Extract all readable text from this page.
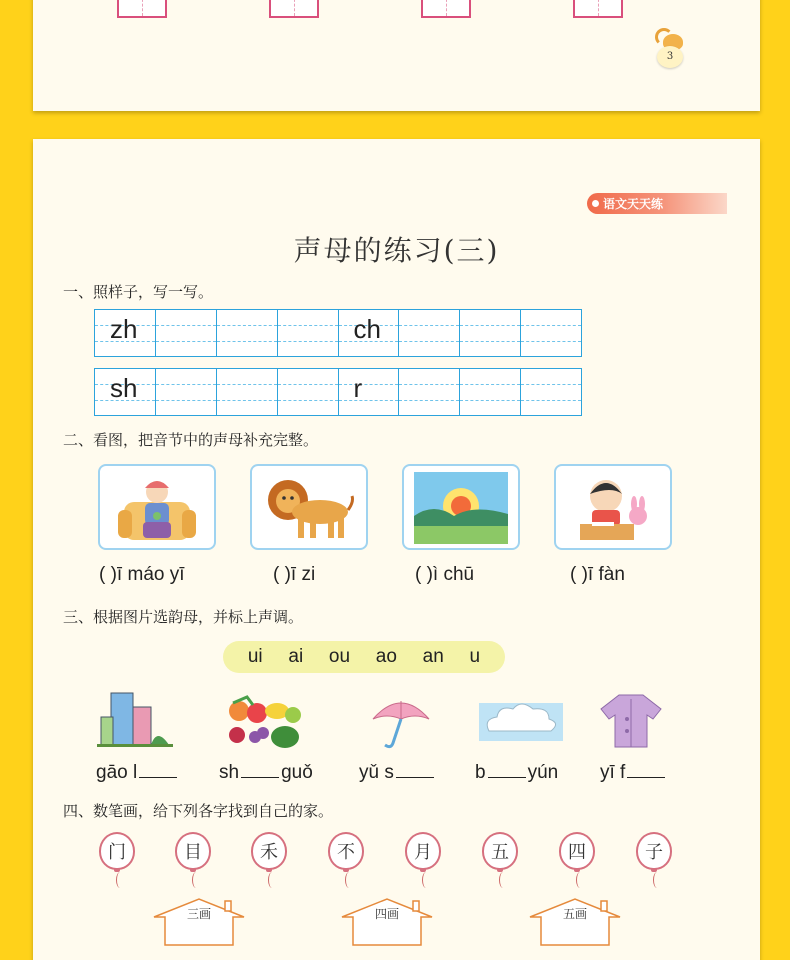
3
语文天天练
声母的练习(三)
一、照样子，写一写。
zh	ch
sh	r
二、看图，把音节中的声母补充完整。
( )ī máo yī	( )ī zi	( )ì chū	( )ī fàn
三、根据图片选韵母，并标上声调。
ui ai ou ao an u
gāo l	sh guǒ yǔ s	b yún yī f
四、数笔画，给下列各字找到自己的家。
门	目	禾	不	月	五	四	子
三画	四画	五画
